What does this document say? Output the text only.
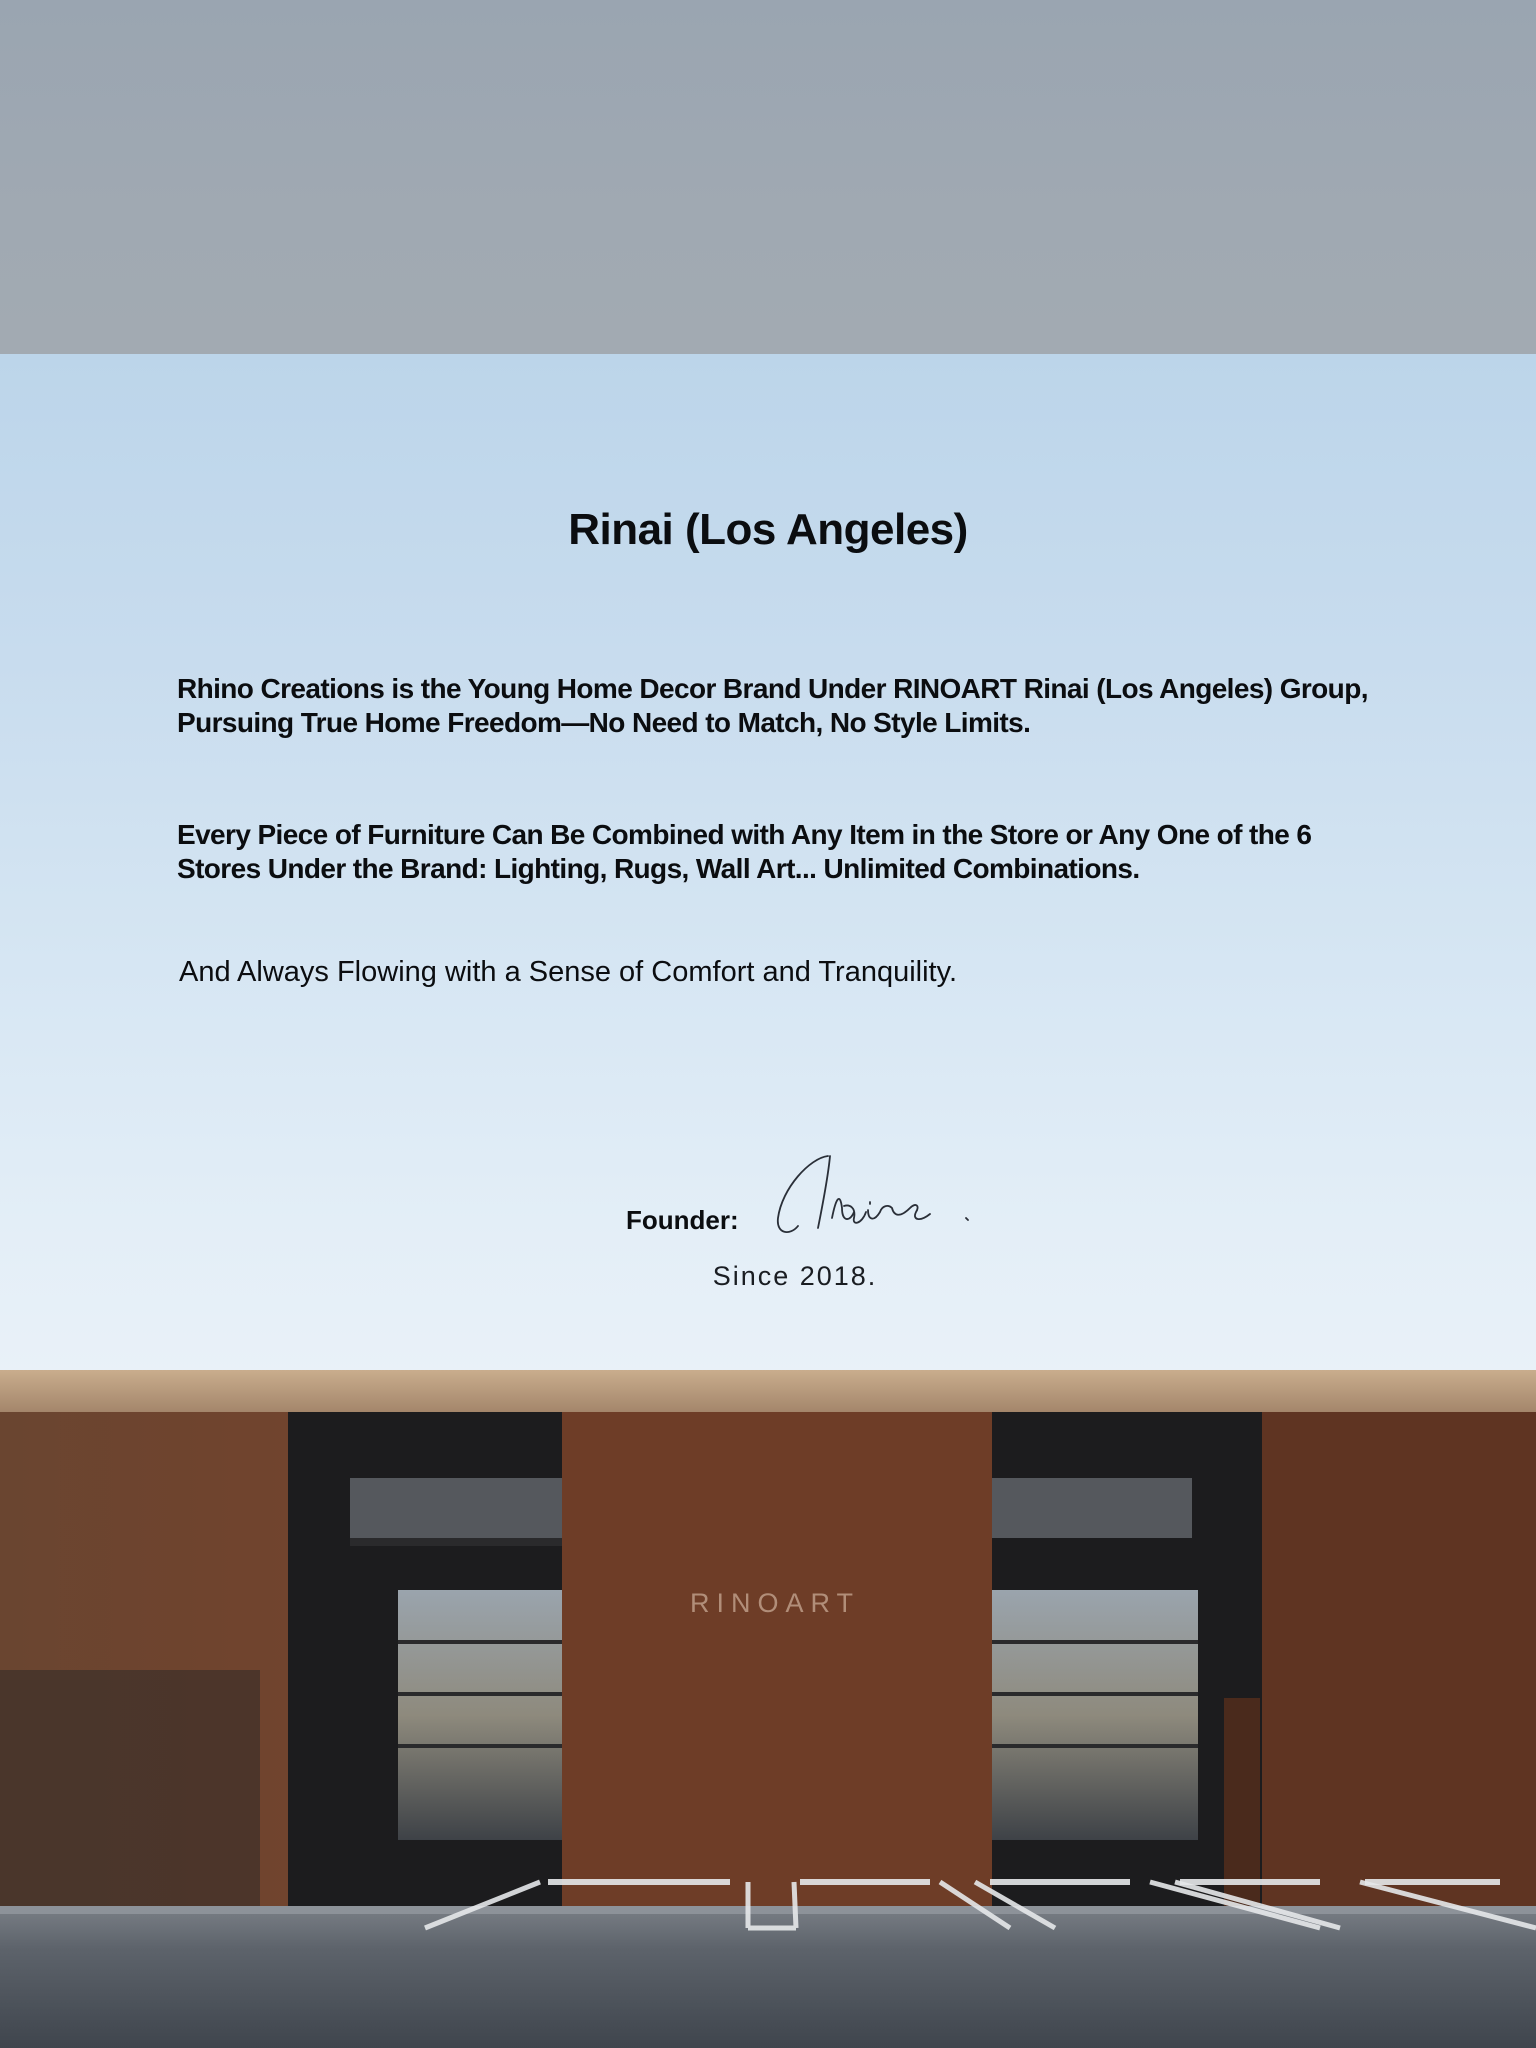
Rinai (Los Angeles)
Rhino Creations is the Young Home Decor Brand Under RINOART Rinai (Los Angeles) Group, Pursuing True Home Freedom—No Need to Match, No Style Limits.
Every Piece of Furniture Can Be Combined with Any Item in the Store or Any One of the 6 Stores Under the Brand: Lighting, Rugs, Wall Art... Unlimited Combinations.
And Always Flowing with a Sense of Comfort and Tranquility.
Founder:
Since 2018.
RINOART
